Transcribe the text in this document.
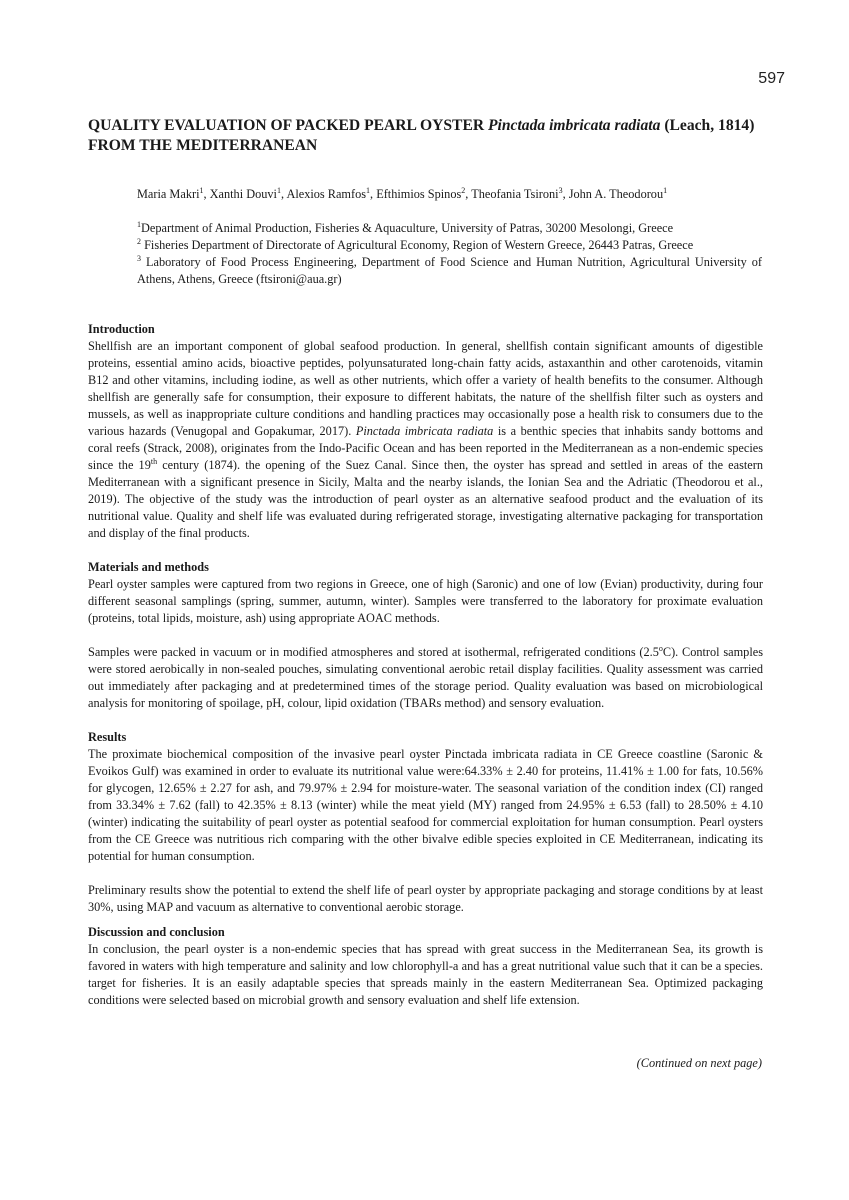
597
QUALITY EVALUATION OF PACKED PEARL OYSTER Pinctada imbricata radiata (Leach, 1814) FROM THE MEDITERRANEAN

Maria Makri$^1$, Xanthi Douvi$^1$, Alexios Ramfos$^1$, Efthimios Spinos$^2$, Theofania Tsironi$^3$, John A. Theodorou$^1$

$^1$Department of Animal Production, Fisheries & Aquaculture, University of Patras, 30200 Mesolongi, Greece

$^2$ Fisheries Department of Directorate of Agricultural Economy, Region of Western Greece, 26443 Patras, Greece

$^3$ Laboratory of Food Process Engineering, Department of Food Science and Human Nutrition, Agricultural University of Athens, Athens, Greece (ftsironi@aua.gr)

Introduction

Shellfish are an important component of global seafood production. In general, shellfish contain significant amounts of digestible proteins, essential amino acids, bioactive peptides, polyunsaturated long-chain fatty acids, astaxanthin and other carotenoids, vitamin B12 and other vitamins, including iodine, as well as other nutrients, which offer a variety of health benefits to the consumer. Although shellfish are generally safe for consumption, their exposure to different habitats, the nature of the shellfish filter such as oysters and mussels, as well as inappropriate culture conditions and handling practices may occasionally pose a health risk to consumers due to the various hazards (Venugopal and Gopakumar, 2017). Pinctada imbricata radiata is a benthic species that inhabits sandy bottoms and coral reefs (Strack, 2008), originates from the Indo-Pacific Ocean and has been reported in the Mediterranean as a non-endemic species since the 19th century (1874). the opening of the Suez Canal. Since then, the oyster has spread and settled in areas of the eastern Mediterranean with a significant presence in Sicily, Malta and the nearby islands, the Ionian Sea and the Adriatic (Theodorou et al., 2019). The objective of the study was the introduction of pearl oyster as an alternative seafood product and the evaluation of its nutritional value. Quality and shelf life was evaluated during refrigerated storage, investigating alternative packaging for transportation and display of the final products.

Materials and methods

Pearl oyster samples were captured from two regions in Greece, one of high (Saronic) and one of low (Evian) productivity, during four different seasonal samplings (spring, summer, autumn, winter). Samples were transferred to the laboratory for proximate evaluation (proteins, total lipids, moisture, ash) using appropriate AOAC methods.

Samples were packed in vacuum or in modified atmospheres and stored at isothermal, refrigerated conditions (2.5$^o$C). Control samples were stored aerobically in non-sealed pouches, simulating conventional aerobic retail display facilities. Quality assessment was carried out immediately after packaging and at predetermined times of the storage period. Quality evaluation was based on microbiological analysis for monitoring of spoilage, pH, colour, lipid oxidation (TBARs method) and sensory evaluation.

Results

The proximate biochemical composition of the invasive pearl oyster Pinctada imbricata radiata in CE Greece coastline (Saronic & Evoikos Gulf) was examined in order to evaluate its nutritional value were:64.33% ± 2.40 for proteins, 11.41% ± 1.00 for fats, 10.56% for glycogen, 12.65% ± 2.27 for ash, and 79.97% ± 2.94 for moisture-water. The seasonal variation of the condition index (CI) ranged from 33.34% ± 7.62 (fall) to 42.35% ± 8.13 (winter) while the meat yield (MY) ranged from 24.95% ± 6.53 (fall) to 28.50% ± 4.10 (winter) indicating the suitability of pearl oyster as potential seafood for commercial exploitation for human consumption. Pearl oysters from the CE Greece was nutritious rich comparing with the other bivalve edible species exploited in CE Mediterranean, indicating its potential for human consumption.

Preliminary results show the potential to extend the shelf life of pearl oyster by appropriate packaging and storage conditions by at least 30%, using MAP and vacuum as alternative to conventional aerobic storage.

Discussion and conclusion

In conclusion, the pearl oyster is a non-endemic species that has spread with great success in the Mediterranean Sea, its growth is favored in waters with high temperature and salinity and low chlorophyll-a and has a great nutritional value such that it can be a species. target for fisheries. It is an easily adaptable species that spreads mainly in the eastern Mediterranean Sea. Optimized packaging conditions were selected based on microbial growth and sensory evaluation and shelf life extension.

(Continued on next page)
